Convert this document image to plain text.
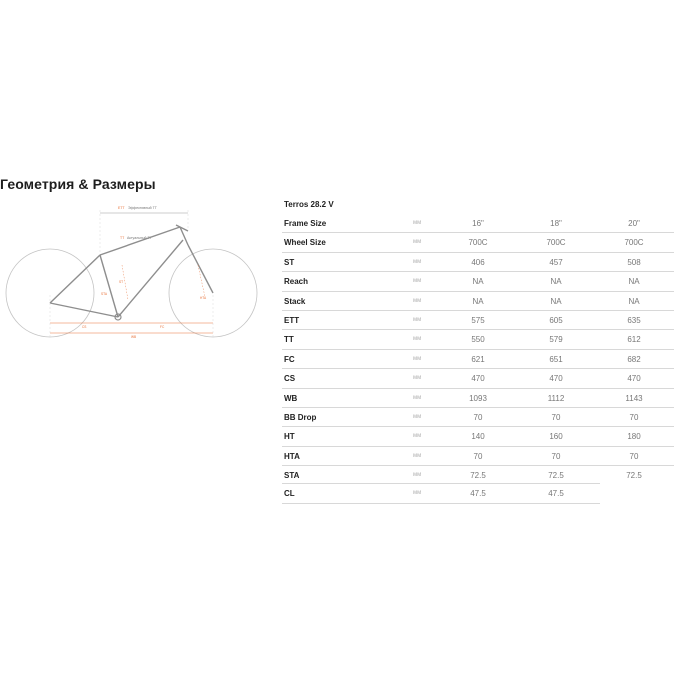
Геометрия & Размеры
ETT Эффективный TT
TT Актуальный TT
ST
STA
HTA
CS	FC
WB
Terros 28.2 V
Frame Size	мм	16"	18"	20"
Wheel Size	мм	700C	700C	700C
ST	мм	406	457	508
Reach	мм	NA	NA	NA
Stack	мм	NA	NA	NA
ETT	мм	575	605	635
TT	мм	550	579	612
FC	мм	621	651	682
CS	мм	470	470	470
WB	мм	1093	1112	1143
BB Drop	мм	70	70	70
HT	мм	140	160	180
HTA	мм	70	70	70
STA	мм	72.5	72.5	72.5
CL	мм	47.5	47.5
